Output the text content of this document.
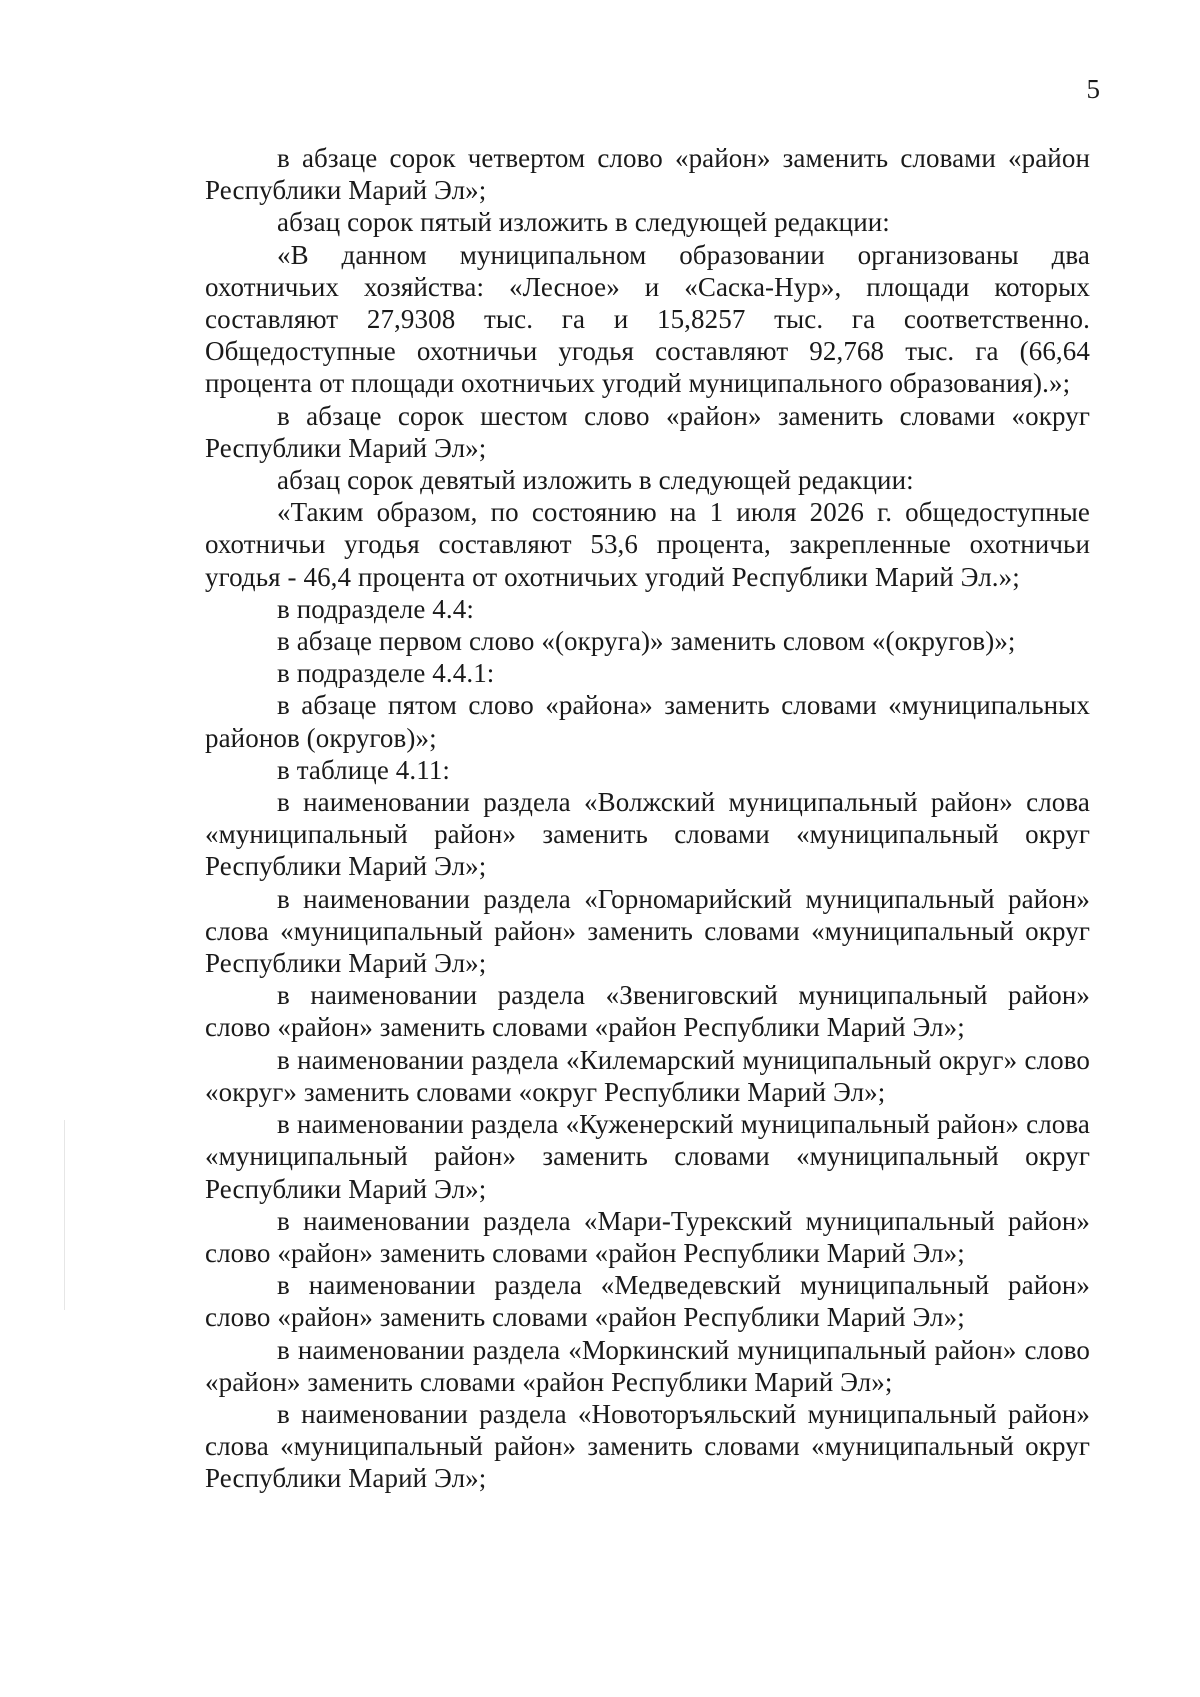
5

в абзаце сорок четвертом слово «район» заменить словами «район Республики Марий Эл»;

абзац сорок пятый изложить в следующей редакции:

«В данном муниципальном образовании организованы два охотничьих хозяйства: «Лесное» и «Саска-Нур», площади которых составляют 27,9308 тыс. га и 15,8257 тыс. га соответственно. Общедоступные охотничьи угодья составляют 92,768 тыс. га (66,64 процента от площади охотничьих угодий муниципального образования).»;

в абзаце сорок шестом слово «район» заменить словами «округ Республики Марий Эл»;

абзац сорок девятый изложить в следующей редакции:

«Таким образом, по состоянию на 1 июля 2026 г. общедоступные охотничьи угодья составляют 53,6 процента, закрепленные охотничьи угодья - 46,4 процента от охотничьих угодий Республики Марий Эл.»;

в подразделе 4.4:

в абзаце первом слово «(округа)» заменить словом «(округов)»;

в подразделе 4.4.1:

в абзаце пятом слово «района» заменить словами «муниципальных районов (округов)»;

в таблице 4.11:

в наименовании раздела «Волжский муниципальный район» слова «муниципальный район» заменить словами «муниципальный округ Республики Марий Эл»;

в наименовании раздела «Горномарийский муниципальный район» слова «муниципальный район» заменить словами «муниципальный округ Республики Марий Эл»;

в наименовании раздела «Звениговский муниципальный район» слово «район» заменить словами «район Республики Марий Эл»;

в наименовании раздела «Килемарский муниципальный округ» слово «округ» заменить словами «округ Республики Марий Эл»;

в наименовании раздела «Куженерский муниципальный район» слова «муниципальный район» заменить словами «муниципальный округ Республики Марий Эл»;

в наименовании раздела «Мари-Турекский муниципальный район» слово «район» заменить словами «район Республики Марий Эл»;

в наименовании раздела «Медведевский муниципальный район» слово «район» заменить словами «район Республики Марий Эл»;

в наименовании раздела «Моркинский муниципальный район» слово «район» заменить словами «район Республики Марий Эл»;

в наименовании раздела «Новоторъяльский муниципальный район» слова «муниципальный район» заменить словами «муниципальный округ Республики Марий Эл»;
